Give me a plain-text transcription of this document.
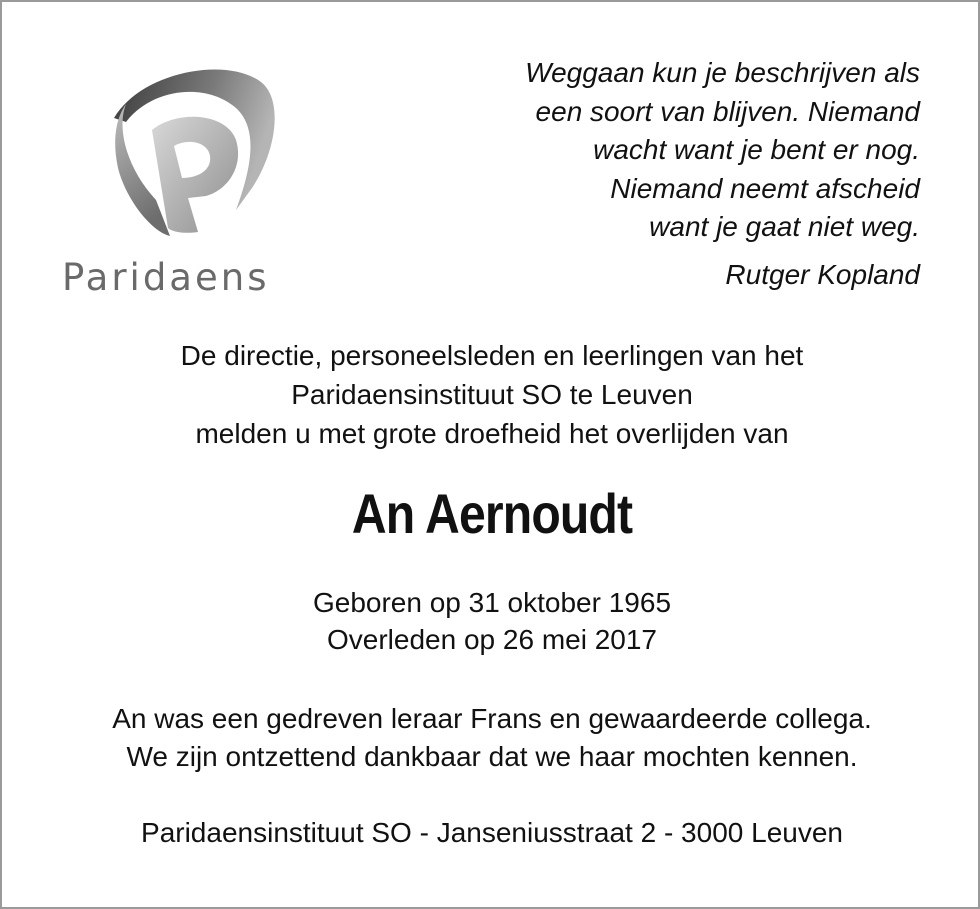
Paridaens
Weggaan kun je beschrijven als
een soort van blijven. Niemand
wacht want je bent er nog.
Niemand neemt afscheid
want je gaat niet weg.
Rutger Kopland
De directie, personeelsleden en leerlingen van het
Paridaensinstituut SO te Leuven
melden u met grote droefheid het overlijden van
An Aernoudt
Geboren op 31 oktober 1965
Overleden op 26 mei 2017
An was een gedreven leraar Frans en gewaardeerde collega.
We zijn ontzettend dankbaar dat we haar mochten kennen.
Paridaensinstituut SO - Janseniusstraat 2 - 3000 Leuven
